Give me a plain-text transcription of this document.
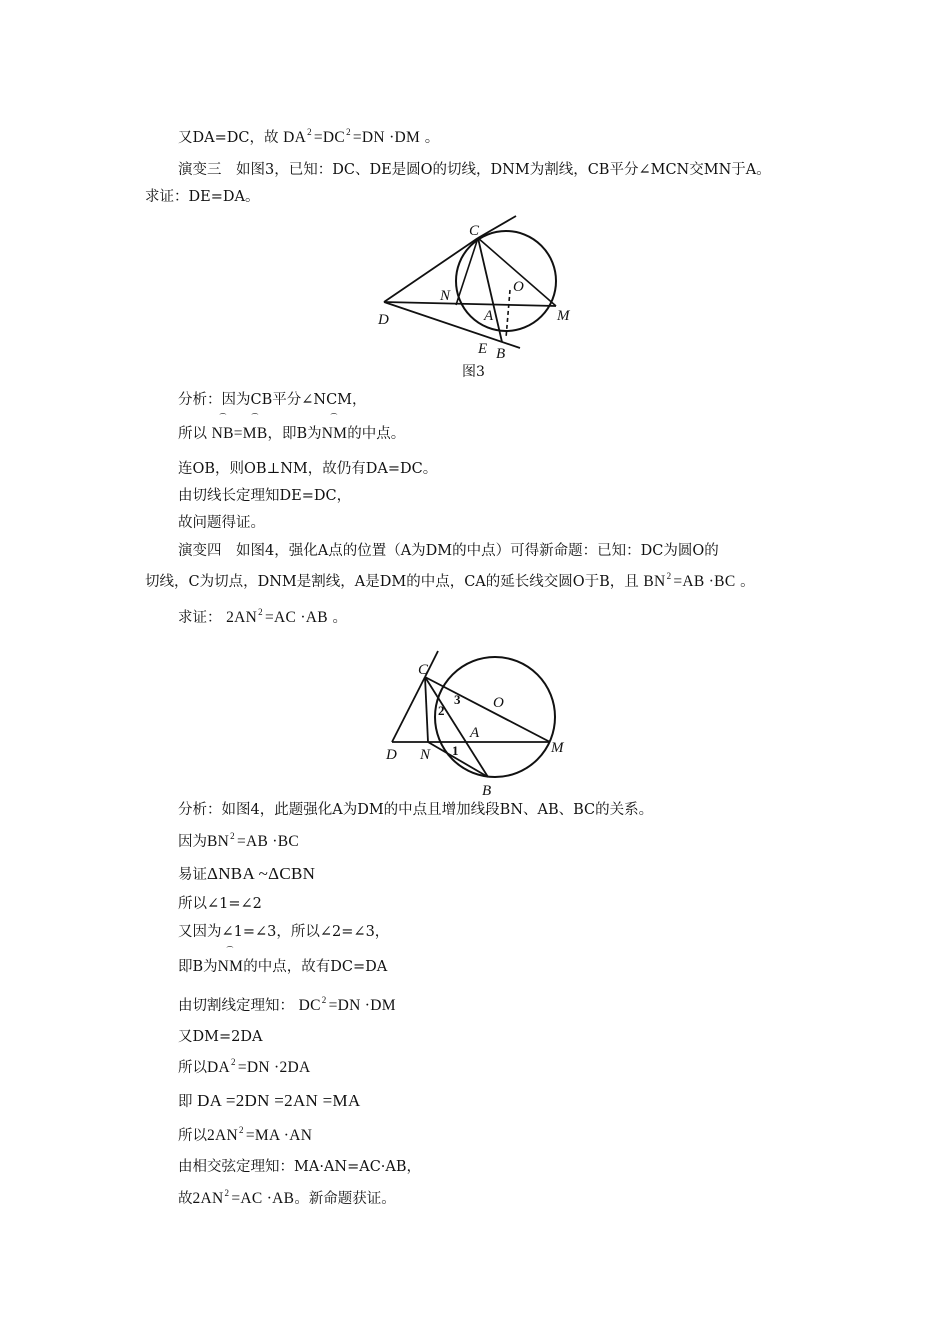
又DA=DC，故 $DA^2 =DC^2 =DN \cdot DM$ 。
演变三　如图3，已知：DC、DE是圆O的切线，DNM为割线，CB平分∠MCN交MN于A。
求证：DE=DA。
C
N
O
D	A	M
E B
图3
分析：因为CB平分∠NCM，
所以 ⌒ NB=⌒ MB，即B为⌒ NM的中点。
连OB，则OB⊥NM，故仍有DA=DC。
由切线长定理知DE=DC，
故问题得证。
演变四　如图4，强化A点的位置（A为DM的中点）可得新命题：已知：DC为圆O的
切线，C为切点，DNM是割线，A是DM的中点，CA的延长线交圆O于B，且 $BN^2 =AB \cdot BC$ 。
求证： $2AN^2 =AC \cdot AB$ 。
C
O
D N
A
M
B
1
2
3
分析：如图4，此题强化A为DM的中点且增加线段BN、AB、BC的关系。
因为$BN^2 =AB \cdot BC$
易证ΔNBA ~ΔCBN
所以∠1=∠2
又因为∠1=∠3，所以∠2=∠3，
即B为⌒ NM的中点，故有DC=DA
由切割线定理知： $DC^2 =DN \cdot DM$
又DM=2DA
所以$DA^2 =DN \cdot 2DA$
即 DA =2DN =2AN =MA
所以$2AN^2 =MA \cdot AN$
由相交弦定理知：MA·AN=AC·AB，
故$2AN^2 =AC \cdot AB$。新命题获证。
